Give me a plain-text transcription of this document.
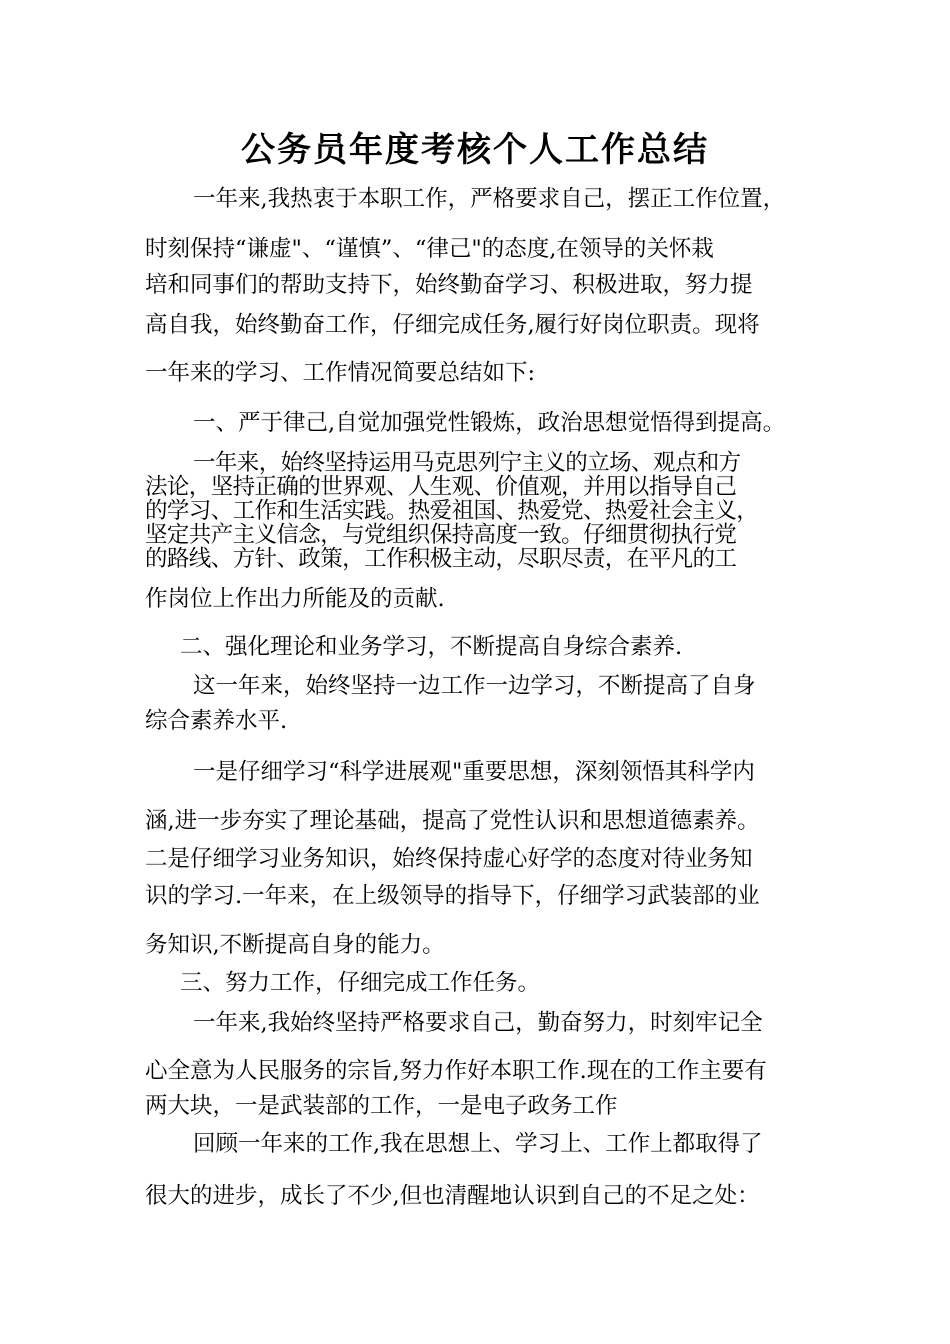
公务员年度考核个人工作总结
一年来,我热衷于本职工作，严格要求自己，摆正工作位置，
时刻保持“谦虚"、“谨慎”、“律己"的态度,在领导的关怀栽
培和同事们的帮助支持下，始终勤奋学习、积极进取，努力提
高自我，始终勤奋工作，仔细完成任务,履行好岗位职责。现将
一年来的学习、工作情况简要总结如下:
一、严于律己,自觉加强党性锻炼，政治思想觉悟得到提高。
一年来，始终坚持运用马克思列宁主义的立场、观点和方
法论，坚持正确的世界观、人生观、价值观，并用以指导自己
的学习、工作和生活实践。热爱祖国、热爱党、热爱社会主义，
坚定共产主义信念，与党组织保持高度一致。仔细贯彻执行党
的路线、方针、政策，工作积极主动，尽职尽责，在平凡的工
作岗位上作出力所能及的贡献.
二、强化理论和业务学习，不断提高自身综合素养.
这一年来，始终坚持一边工作一边学习，不断提高了自身
综合素养水平.
一是仔细学习“科学进展观"重要思想，深刻领悟其科学内
涵,进一步夯实了理论基础，提高了党性认识和思想道德素养。
二是仔细学习业务知识，始终保持虚心好学的态度对待业务知
识的学习.一年来，在上级领导的指导下，仔细学习武装部的业
务知识,不断提高自身的能力。
三、努力工作，仔细完成工作任务。
一年来,我始终坚持严格要求自己，勤奋努力，时刻牢记全
心全意为人民服务的宗旨,努力作好本职工作.现在的工作主要有
两大块，一是武装部的工作，一是电子政务工作
回顾一年来的工作,我在思想上、学习上、工作上都取得了
很大的进步，成长了不少,但也清醒地认识到自己的不足之处：
